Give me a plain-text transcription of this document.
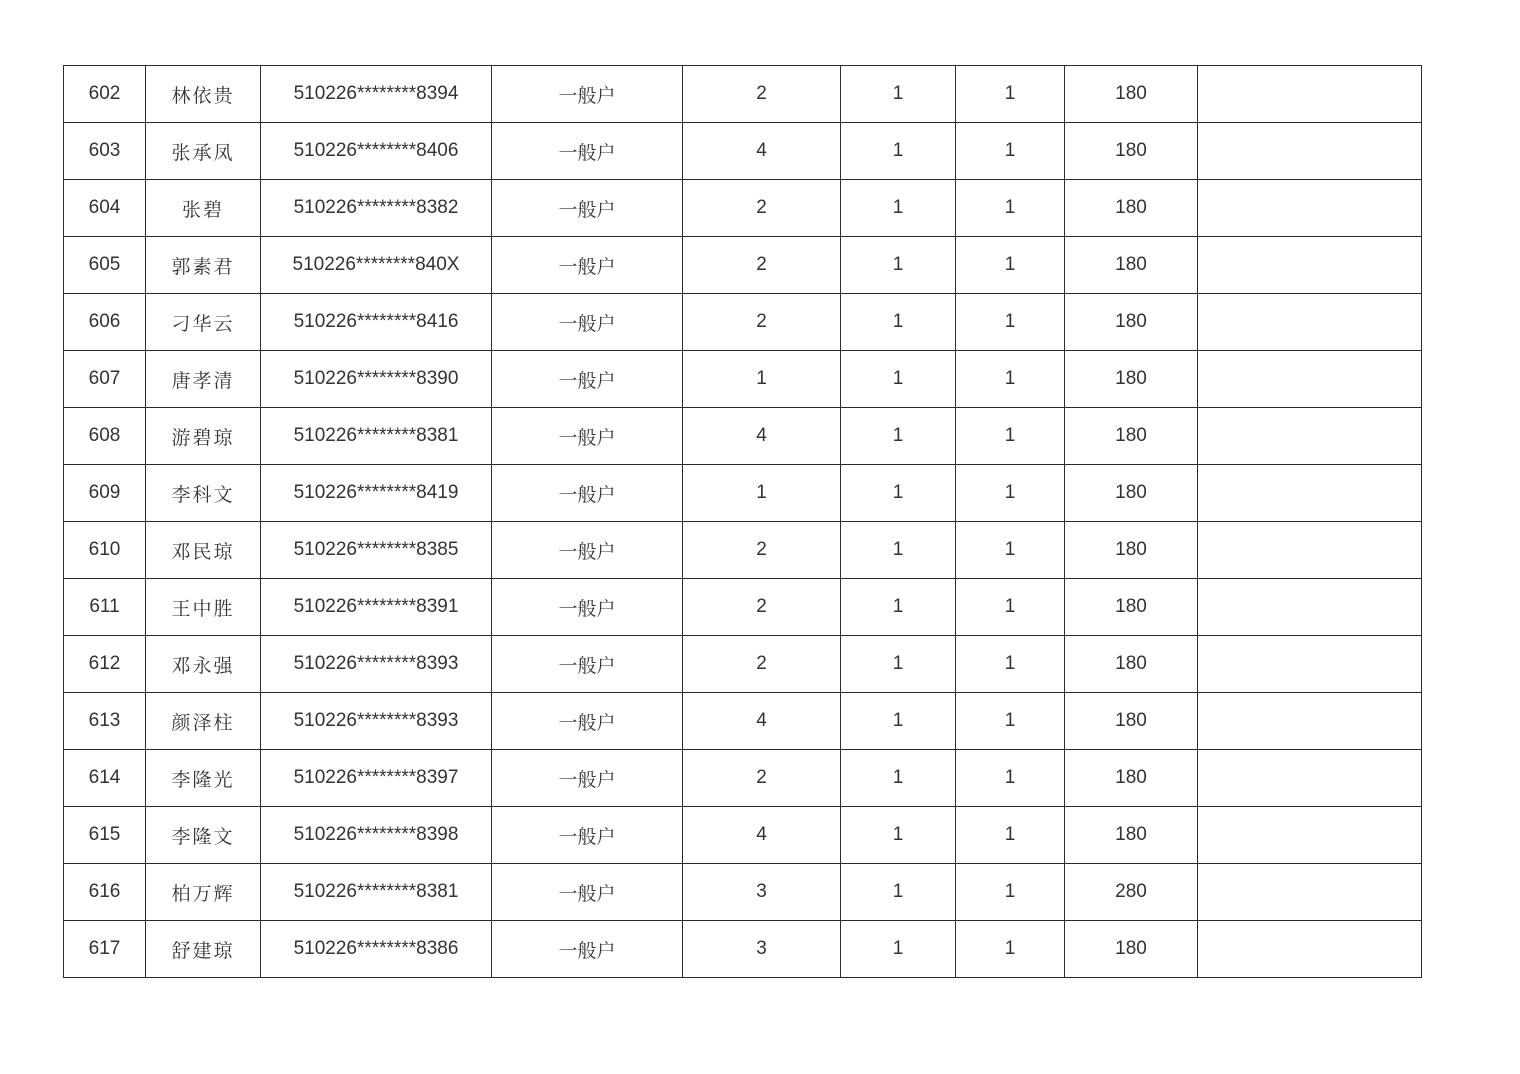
602	林依贵	510226********8394	一般户	2	1	1	180	
603	张承凤	510226********8406	一般户	4	1	1	180	
604	张碧	510226********8382	一般户	2	1	1	180	
605	郭素君	510226********840X	一般户	2	1	1	180	
606	刁华云	510226********8416	一般户	2	1	1	180	
607	唐孝清	510226********8390	一般户	1	1	1	180	
608	游碧琼	510226********8381	一般户	4	1	1	180	
609	李科文	510226********8419	一般户	1	1	1	180	
610	邓民琼	510226********8385	一般户	2	1	1	180	
611	王中胜	510226********8391	一般户	2	1	1	180	
612	邓永强	510226********8393	一般户	2	1	1	180	
613	颜泽柱	510226********8393	一般户	4	1	1	180	
614	李隆光	510226********8397	一般户	2	1	1	180	
615	李隆文	510226********8398	一般户	4	1	1	180	
616	柏万辉	510226********8381	一般户	3	1	1	280	
617	舒建琼	510226********8386	一般户	3	1	1	180	
